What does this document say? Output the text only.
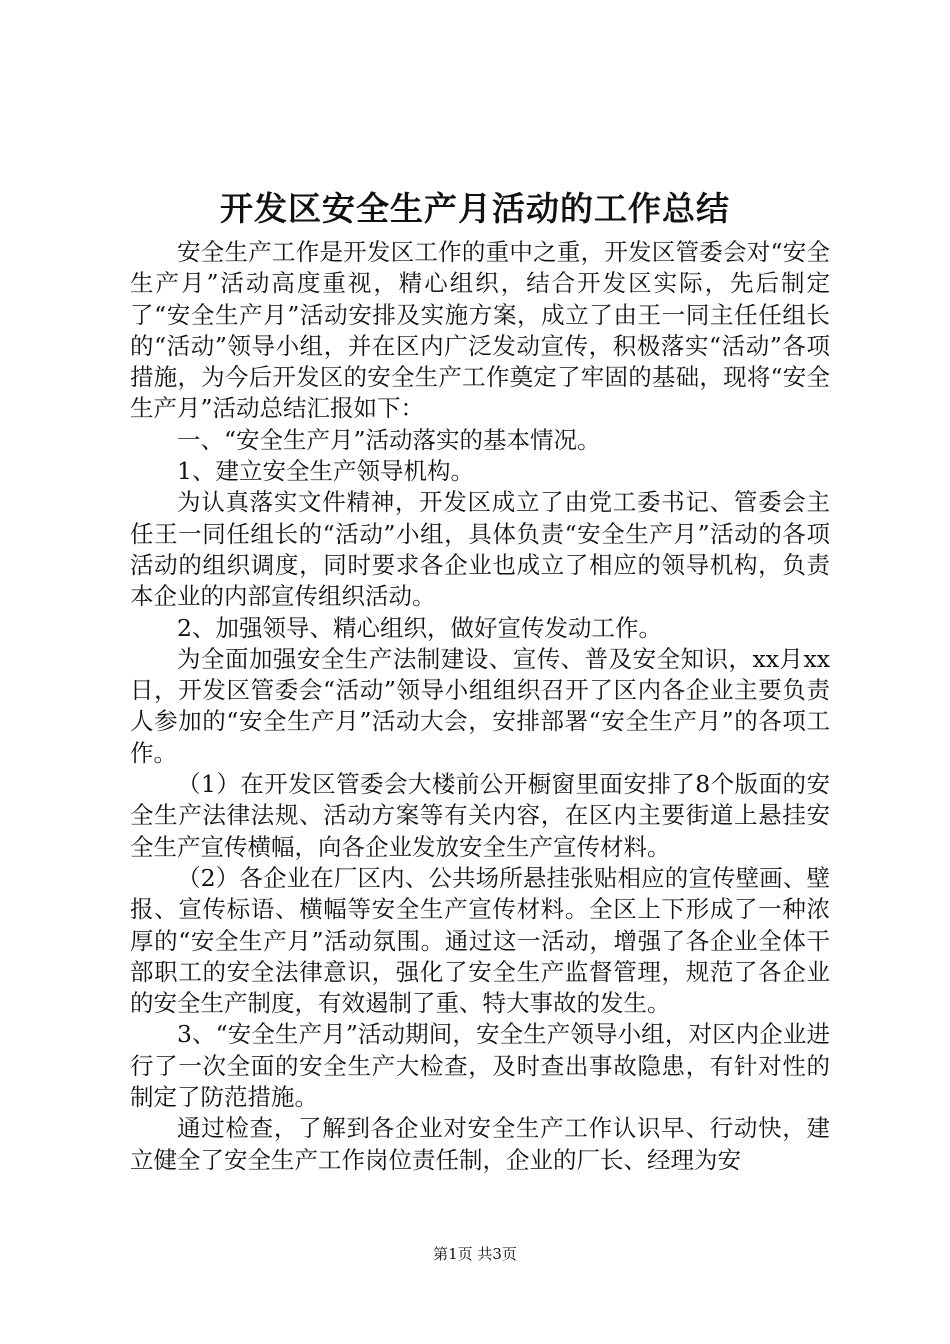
开发区安全生产月活动的工作总结

安全生产工作是开发区工作的重中之重，开发区管委会对“安全生产月”活动高度重视，精心组织，结合开发区实际，先后制定了“安全生产月”活动安排及实施方案，成立了由王一同主任任组长的“活动”领导小组，并在区内广泛发动宣传，积极落实“活动”各项措施，为今后开发区的安全生产工作奠定了牢固的基础，现将“安全生产月”活动总结汇报如下：

一、“安全生产月”活动落实的基本情况。

1、建立安全生产领导机构。

为认真落实文件精神，开发区成立了由党工委书记、管委会主任王一同任组长的“活动”小组，具体负责“安全生产月”活动的各项活动的组织调度，同时要求各企业也成立了相应的领导机构，负责本企业的内部宣传组织活动。

2、加强领导、精心组织，做好宣传发动工作。

为全面加强安全生产法制建设、宣传、普及安全知识，xx月xx日，开发区管委会“活动”领导小组组织召开了区内各企业主要负责人参加的“安全生产月”活动大会，安排部署“安全生产月”的各项工作。

（1）在开发区管委会大楼前公开橱窗里面安排了8个版面的安全生产法律法规、活动方案等有关内容，在区内主要街道上悬挂安全生产宣传横幅，向各企业发放安全生产宣传材料。

（2）各企业在厂区内、公共场所悬挂张贴相应的宣传壁画、壁报、宣传标语、横幅等安全生产宣传材料。全区上下形成了一种浓厚的“安全生产月”活动氛围。通过这一活动，增强了各企业全体干部职工的安全法律意识，强化了安全生产监督管理，规范了各企业的安全生产制度，有效遏制了重、特大事故的发生。

3、“安全生产月”活动期间，安全生产领导小组，对区内企业进行了一次全面的安全生产大检查，及时查出事故隐患，有针对性的制定了防范措施。

通过检查，了解到各企业对安全生产工作认识早、行动快，建立健全了安全生产工作岗位责任制，企业的厂长、经理为安

第1页 共3页
